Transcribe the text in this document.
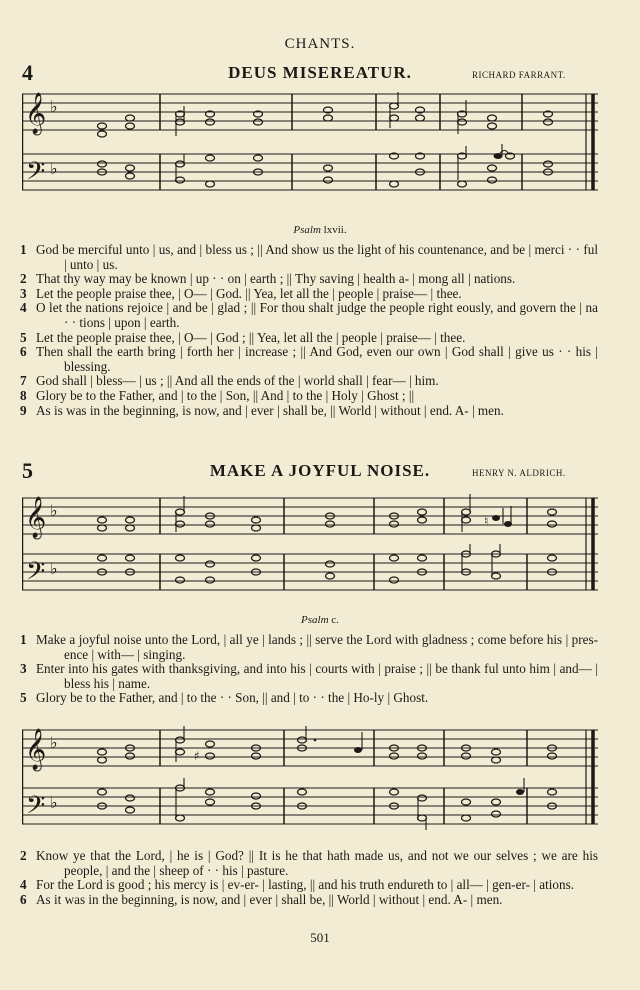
CHANTS.
4	DEUS MISEREATUR.	RICHARD FARRANT.
𝄞 ♭
𝄢 ♭
Psalm lxvii.
1 God be merciful unto | us, and | bless us ; || And show us the light of his countenance, and be | merci · · ful | unto | us.
2 That thy way may be known | up · · on | earth ; || Thy saving | health a- | mong all | nations.
3 Let the people praise thee, | O— | God. || Yea, let all the | people | praise— | thee.
4 O let the nations rejoice | and be | glad ; || For thou shalt judge the people right eously, and govern the | na · · tions | upon | earth.
5 Let the people praise thee, | O— | God ; || Yea, let all the | people | praise— | thee.
6 Then shall the earth bring | forth her | increase ; || And God, even our own | God shall | give us · · his | blessing.
7 God shall | bless— | us ; || And all the ends of the | world shall | fear— | him.
8 Glory be to the Father, and | to the | Son, || And | to the | Holy | Ghost ; ||
9 As is was in the beginning, is now, and | ever | shall be, || World | without | end. A- | men.
5	MAKE A JOYFUL NOISE.	HENRY N. ALDRICH.
𝄞 ♭
𝄢 ♭
♮
Psalm c.
1 Make a joyful noise unto the Lord, | all ye | lands ; || serve the Lord with gladness ; come before his | pres-ence | with— | singing.
3 Enter into his gates with thanksgiving, and into his | courts with | praise ; || be thank ful unto him | and— | bless his | name.
5 Glory be to the Father, and | to the · · Son, || and | to · · the | Ho-ly | Ghost.
𝄞 ♭
𝄢 ♭
♯
2 Know ye that the Lord, | he is | God? || It is he that hath made us, and not we our selves ; we are his people, | and the | sheep of · · his | pasture.
4 For the Lord is good ; his mercy is | ev-er- | lasting, || and his truth endureth to | all— | gen-er- | ations.
6 As it was in the beginning, is now, and | ever | shall be, || World | without | end. A- | men.
501
